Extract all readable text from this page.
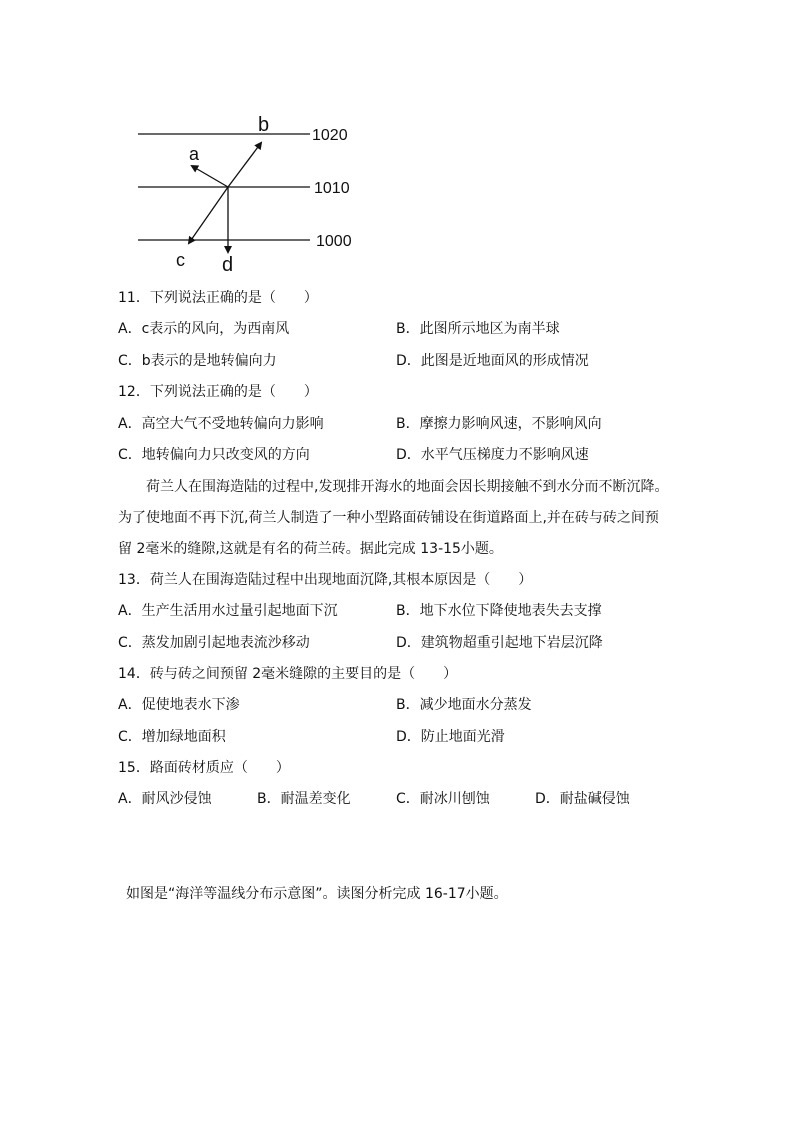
1020
1010
1000
a
b
c d
11．下列说法正确的是（　　）
A．c表示的风向，为西南风	B．此图所示地区为南半球
C．b表示的是地转偏向力	D．此图是近地面风的形成情况
12．下列说法正确的是（　　）
A．高空大气不受地转偏向力影响	B．摩擦力影响风速，不影响风向
C．地转偏向力只改变风的方向	D．水平气压梯度力不影响风速
荷兰人在围海造陆的过程中,发现排开海水的地面会因长期接触不到水分而不断沉降。
为了使地面不再下沉,荷兰人制造了一种小型路面砖铺设在街道路面上,并在砖与砖之间预
留 2毫米的缝隙,这就是有名的荷兰砖。据此完成 13-15小题。
13．荷兰人在围海造陆过程中出现地面沉降,其根本原因是（　　）
A．生产生活用水过量引起地面下沉	B．地下水位下降使地表失去支撑
C．蒸发加剧引起地表流沙移动	D．建筑物超重引起地下岩层沉降
14．砖与砖之间预留 2毫米缝隙的主要目的是（　　）
A．促使地表水下渗	B．减少地面水分蒸发
C．增加绿地面积	D．防止地面光滑
15．路面砖材质应（　　）
A．耐风沙侵蚀	B．耐温差变化	C．耐冰川刨蚀	D．耐盐碱侵蚀
如图是“海洋等温线分布示意图”。读图分析完成 16-17小题。
